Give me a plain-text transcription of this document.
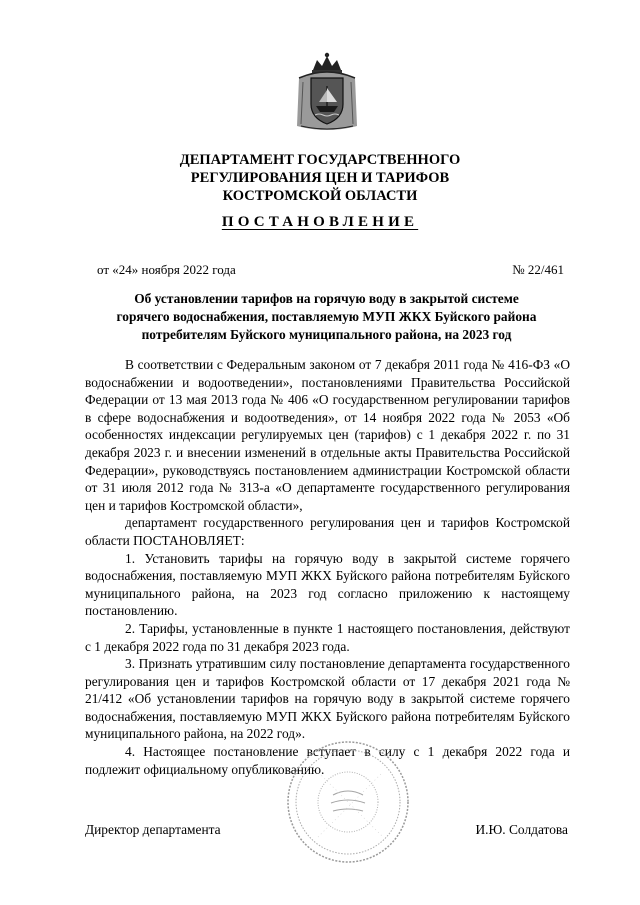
ДЕПАРТАМЕНТ ГОСУДАРСТВЕННОГО
РЕГУЛИРОВАНИЯ ЦЕН И ТАРИФОВ
КОСТРОМСКОЙ ОБЛАСТИ
ПОСТАНОВЛЕНИЕ
от «24» ноября 2022 года	№ 22/461
Об установлении тарифов на горячую воду в закрытой системе
горячего водоснабжения, поставляемую МУП ЖКХ Буйского района
потребителям Буйского муниципального района, на 2023 год

В соответствии с Федеральным законом от 7 декабря 2011 года № 416-ФЗ «О водоснабжении и водоотведении», постановлениями Правительства Российской Федерации от 13 мая 2013 года № 406 «О государственном регулировании тарифов в сфере водоснабжения и водоотведения», от 14 ноября 2022 года № 2053 «Об особенностях индексации регулируемых цен (тарифов) с 1 декабря 2022 г. по 31 декабря 2023 г. и внесении изменений в отдельные акты Правительства Российской Федерации», руководствуясь постановлением администрации Костромской области от 31 июля 2012 года № 313-а «О департаменте государственного регулирования цен и тарифов Костромской области»,

департамент государственного регулирования цен и тарифов Костромской области ПОСТАНОВЛЯЕТ:

1. Установить тарифы на горячую воду в закрытой системе горячего водоснабжения, поставляемую МУП ЖКХ Буйского района потребителям Буйского муниципального района, на 2023 год согласно приложению к настоящему постановлению.

2. Тарифы, установленные в пункте 1 настоящего постановления, действуют с 1 декабря 2022 года по 31 декабря 2023 года.

3. Признать утратившим силу постановление департамента государственного регулирования цен и тарифов Костромской области от 17 декабря 2021 года № 21/412 «Об установлении тарифов на горячую воду в закрытой системе горячего водоснабжения, поставляемую МУП ЖКХ Буйского района потребителям Буйского муниципального района, на 2022 год».

4. Настоящее постановление вступает в силу с 1 декабря 2022 года и подлежит официальному опубликованию.

Директор департамента	И.Ю. Солдатова
